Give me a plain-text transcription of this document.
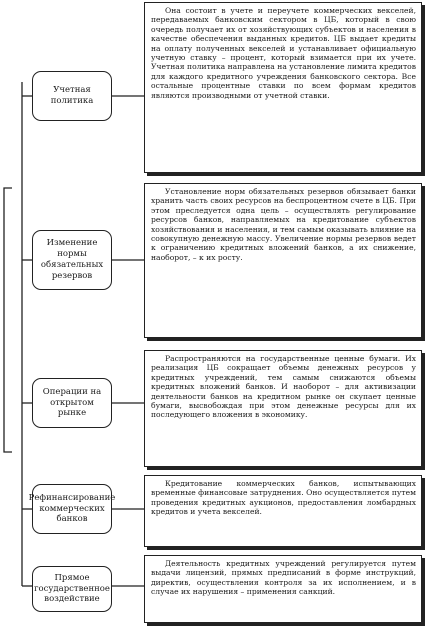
Учетная политика
Она состоит в учете и переучете коммерческих векселей, передаваемых банковским сектором в ЦБ, который в свою очередь получает их от хозяйствующих субъектов и населения в качестве обеспечения выданных кредитов. ЦБ выдает кредиты на оплату полученных векселей и устанавливает официальную учетную ставку – процент, который взимается при их учете. Учетная политика направлена на установление лимита кредитов для каждого кредитного учреждения банковского сектора. Все остальные процентные ставки по всем формам кредитов являются производными от учетной ставки.
Изменение нормы обязательных резервов
Установление норм обязательных резервов обязывает банки хранить часть своих ресурсов на беспроцентном счете в ЦБ. При этом преследуется одна цель – осуществлять регулирование ресурсов банков, направляемых на кредитование субъектов хозяйствования и населения, и тем самым оказывать влияние на совокупную денежную массу. Увеличение нормы резервов ведет к ограничению кредитных вложений банков, а их снижение, наоборот, – к их росту.
Операции на открытом рынке
Распространяются на государственные ценные бумаги. Их реализация ЦБ сокращает объемы денежных ресурсов у кредитных учреждений, тем самым снижаются объемы кредитных вложений банков. И наоборот – для активизации деятельности банков на кредитном рынке он скупает ценные бумаги, высвобождая при этом денежные ресурсы для их последующего вложения в экономику.
Рефинансирование коммерческих банков
Кредитование коммерческих банков, испытывающих временные финансовые затруднения. Оно осуществляется путем проведения кредитных аукционов, предоставления ломбардных кредитов и учета векселей.
Прямое государственное воздействие
Деятельность кредитных учреждений регулируется путем выдачи лицензий, прямых предписаний в форме инструкций, директив, осуществления контроля за их исполнением, и в случае их нарушения – применения санкций.
